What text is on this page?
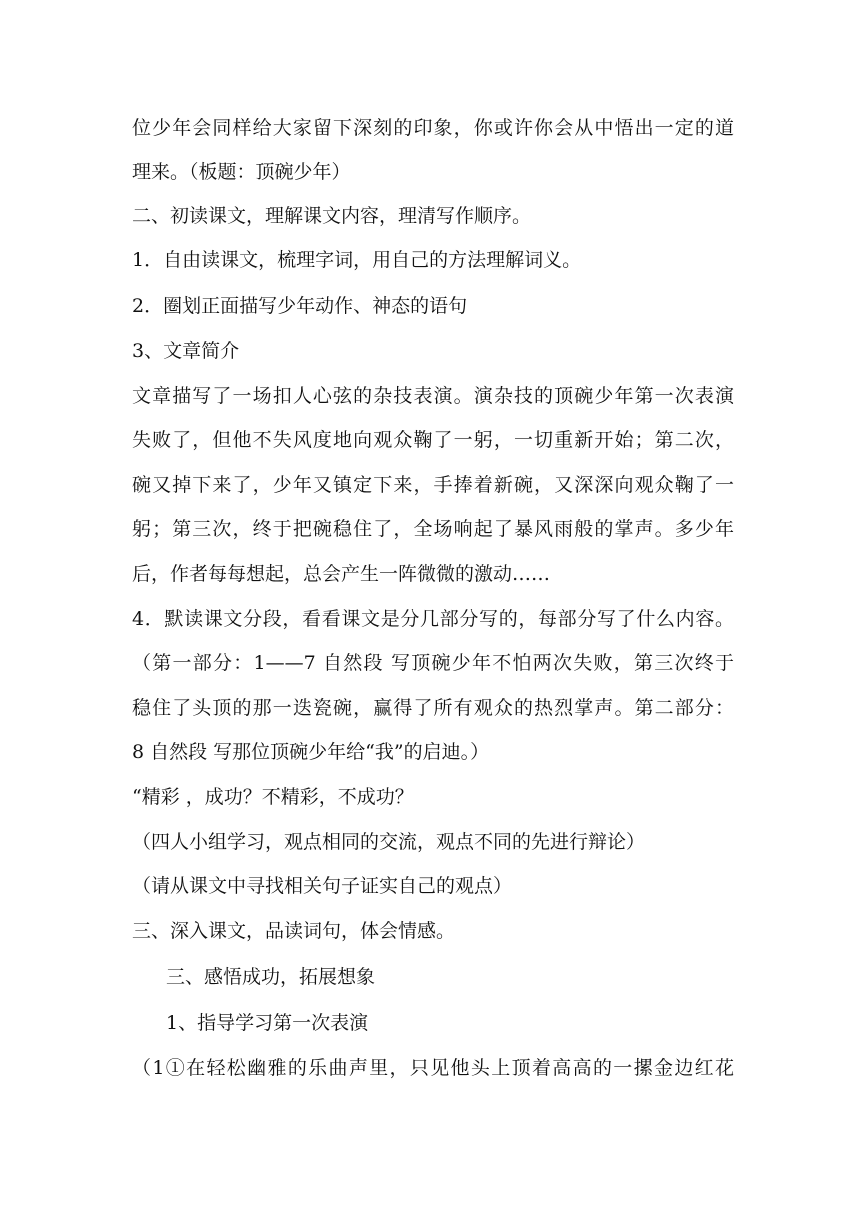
位少年会同样给大家留下深刻的印象，你或许你会从中悟出一定的道
理来。（板题：顶碗少年）
二、初读课文，理解课文内容，理清写作顺序。
1．自由读课文，梳理字词，用自己的方法理解词义。
2．圈划正面描写少年动作、神态的语句
3、文章简介
文章描写了一场扣人心弦的杂技表演。演杂技的顶碗少年第一次表演
失败了，但他不失风度地向观众鞠了一躬，一切重新开始；第二次，
碗又掉下来了，少年又镇定下来，手捧着新碗，又深深向观众鞠了一
躬；第三次，终于把碗稳住了，全场响起了暴风雨般的掌声。多少年
后，作者每每想起，总会产生一阵微微的激动……
4．默读课文分段，看看课文是分几部分写的，每部分写了什么内容。
（第一部分：1——7 自然段 写顶碗少年不怕两次失败，第三次终于
稳住了头顶的那一迭瓷碗，赢得了所有观众的热烈掌声。第二部分：
8 自然段 写那位顶碗少年给“我”的启迪。）
“精彩 ，成功？不精彩，不成功？
（四人小组学习，观点相同的交流，观点不同的先进行辩论）
（请从课文中寻找相关句子证实自己的观点）
三、深入课文，品读词句，体会情感。
三、感悟成功，拓展想象
1、指导学习第一次表演
（1①在轻松幽雅的乐曲声里，只见他头上顶着高高的一摞金边红花
